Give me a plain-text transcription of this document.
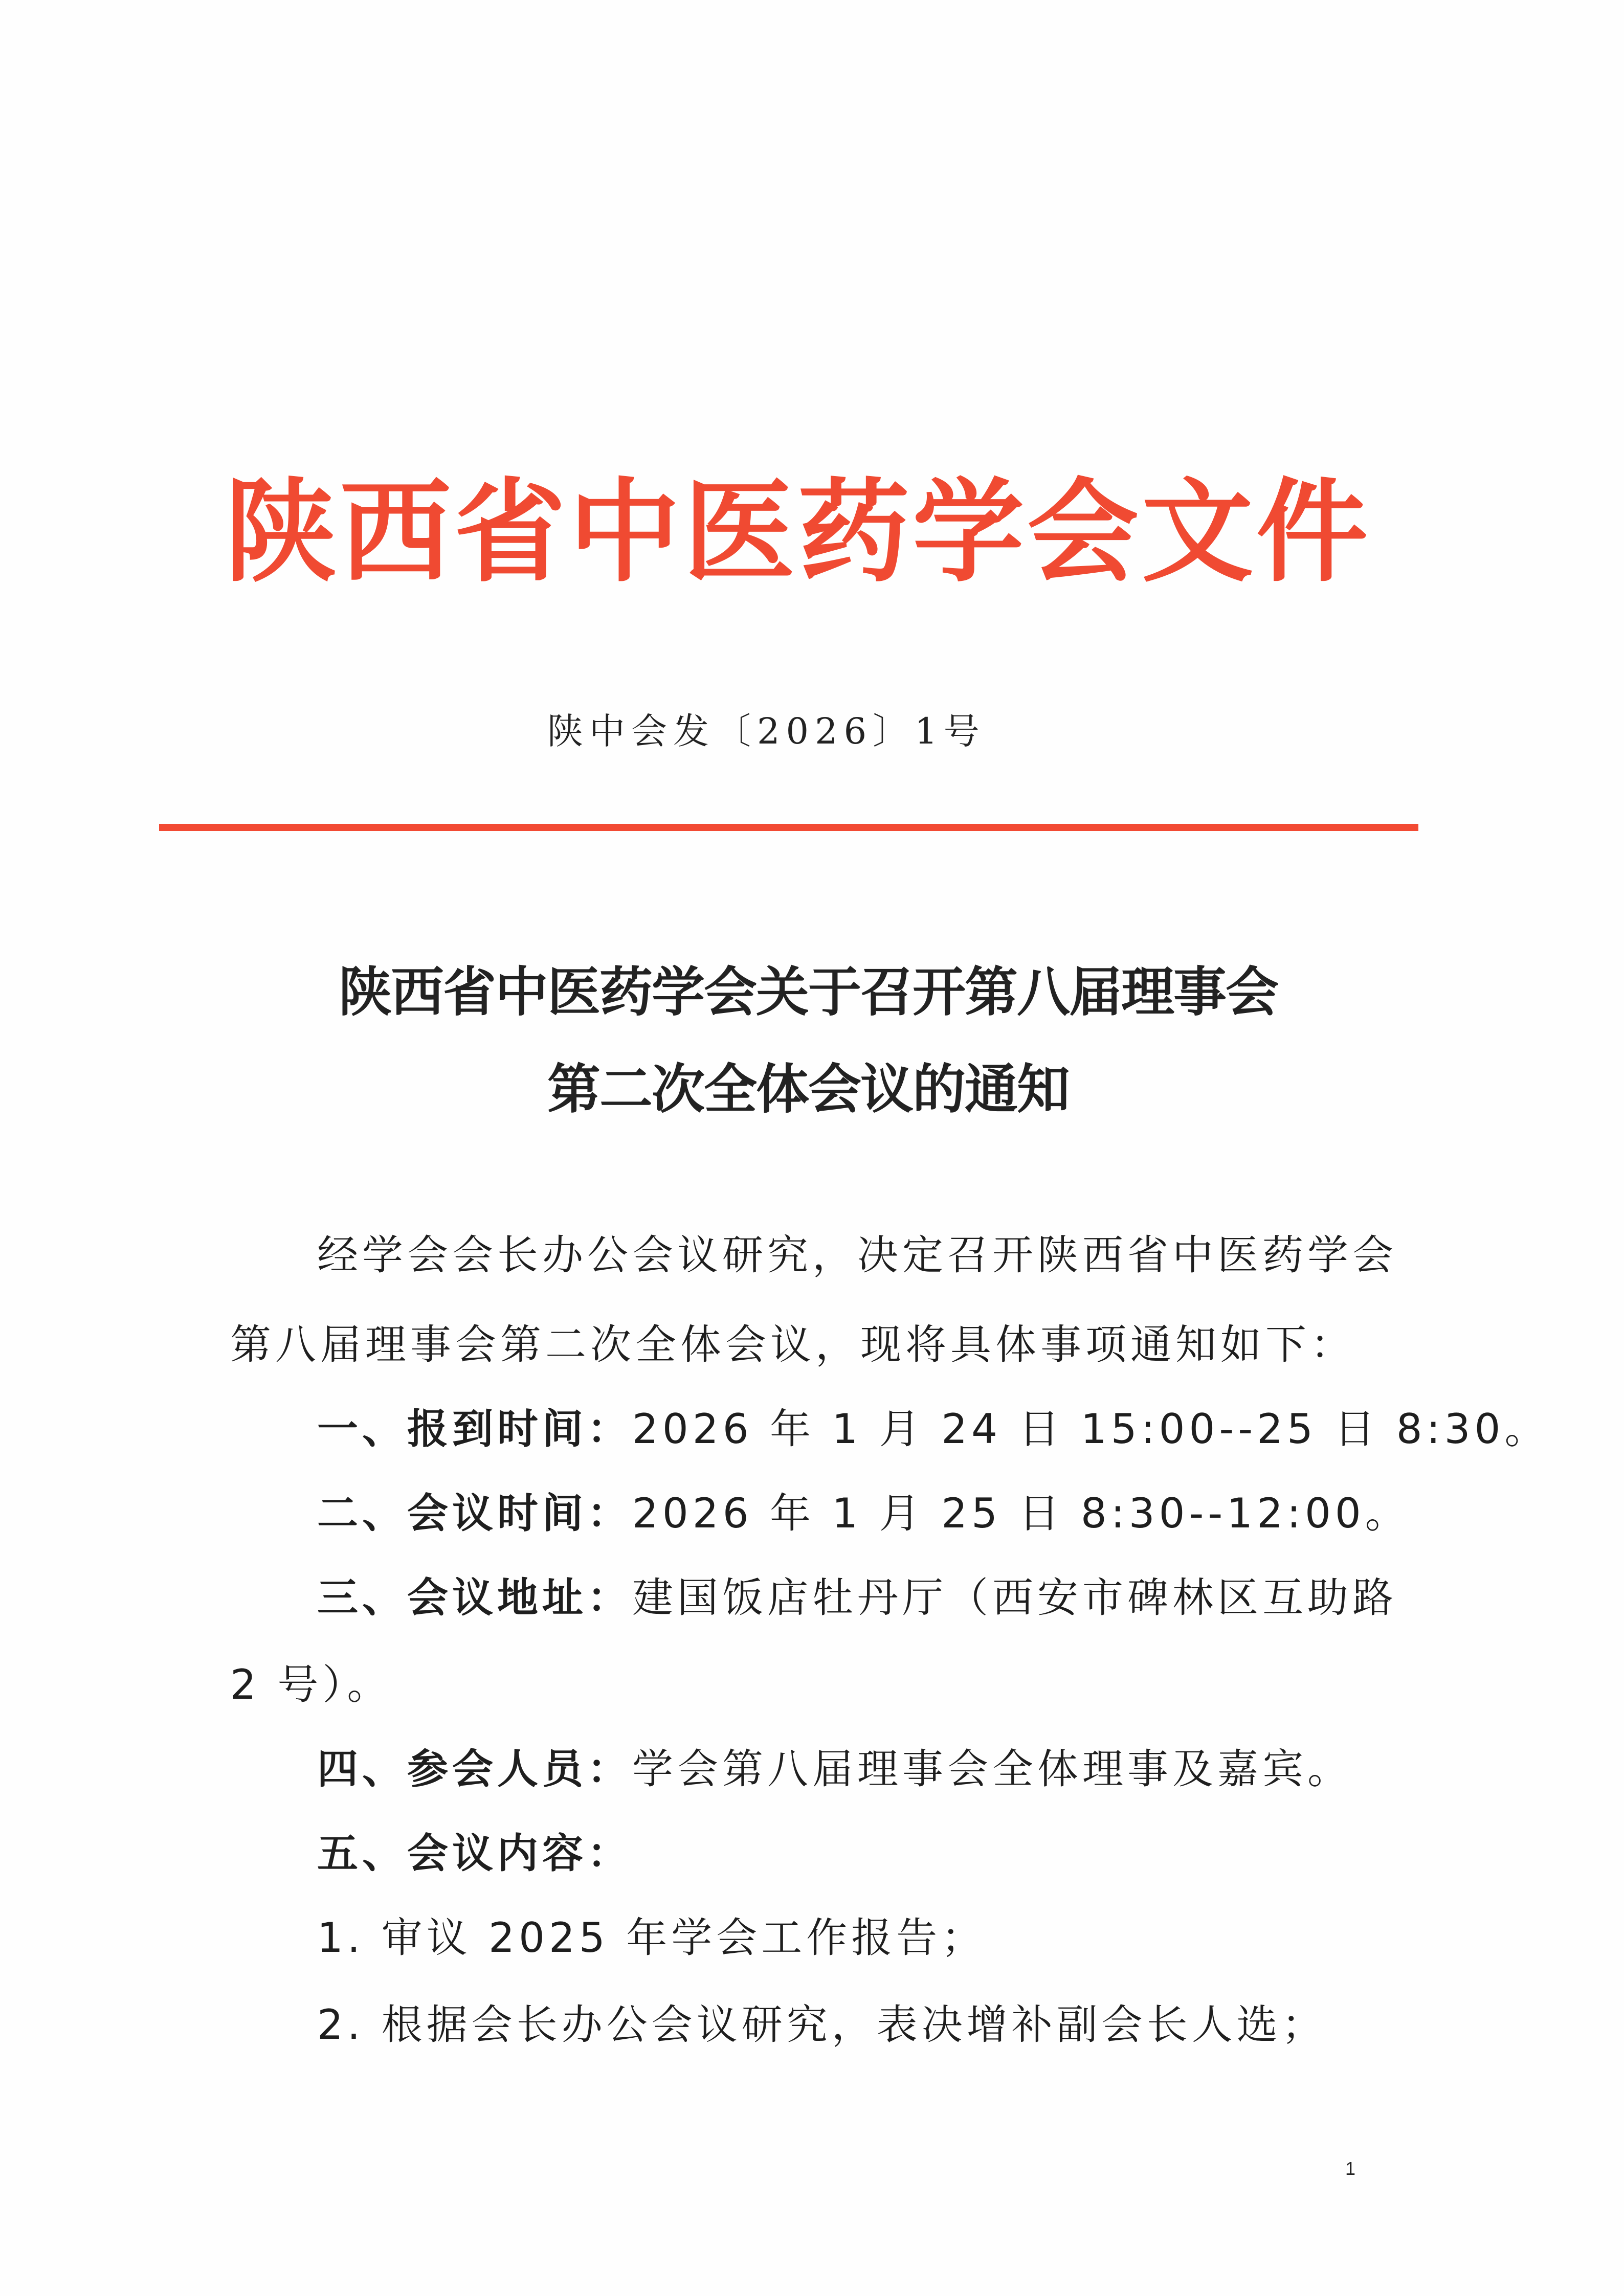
陕西省中医药学会文件
陕中会发〔2026〕1号
陕西省中医药学会关于召开第八届理事会
第二次全体会议的通知
经学会会长办公会议研究，决定召开陕西省中医药学会
第八届理事会第二次全体会议，现将具体事项通知如下：
一、报到时间：2026 年 1 月 24 日 15:00--25 日 8:30。
二、会议时间：2026 年 1 月 25 日 8:30--12:00。
三、会议地址：建国饭店牡丹厅（西安市碑林区互助路
2 号）。
四、参会人员：学会第八届理事会全体理事及嘉宾。
五、会议内容：
1. 审议 2025 年学会工作报告；
2. 根据会长办公会议研究，表决增补副会长人选；
1
